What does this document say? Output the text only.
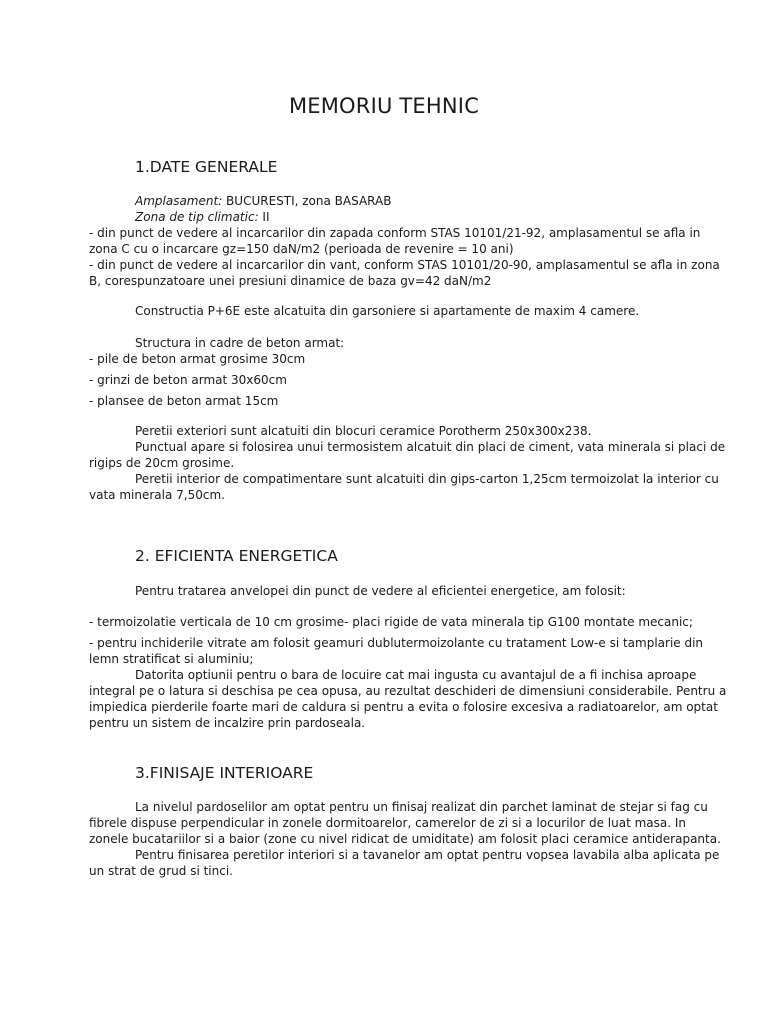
MEMORIU TEHNIC
1.DATE GENERALE
Amplasament: BUCURESTI, zona BASARAB
Zona de tip climatic: II
- din punct de vedere al incarcarilor din zapada conform STAS 10101/21-92, amplasamentul se afla in
zona C cu o incarcare gz=150 daN/m2 (perioada de revenire = 10 ani)
- din punct de vedere al incarcarilor din vant, conform STAS 10101/20-90, amplasamentul se afla in zona
B, corespunzatoare unei presiuni dinamice de baza gv=42 daN/m2
Constructia P+6E este alcatuita din garsoniere si apartamente de maxim 4 camere.
Structura in cadre de beton armat:
- pile de beton armat grosime 30cm
- grinzi de beton armat 30x60cm
- plansee de beton armat 15cm
Peretii exteriori sunt alcatuiti din blocuri ceramice Porotherm 250x300x238.
Punctual apare si folosirea unui termosistem alcatuit din placi de ciment, vata minerala si placi de
rigips de 20cm grosime.
Peretii interior de compatimentare sunt alcatuiti din gips-carton 1,25cm termoizolat la interior cu
vata minerala 7,50cm.
2. EFICIENTA ENERGETICA
Pentru tratarea anvelopei din punct de vedere al eficientei energetice, am folosit:
- termoizolatie verticala de 10 cm grosime- placi rigide de vata minerala tip G100 montate mecanic;
- pentru inchiderile vitrate am folosit geamuri dublutermoizolante cu tratament Low-e si tamplarie din
lemn stratificat si aluminiu;
Datorita optiunii pentru o bara de locuire cat mai ingusta cu avantajul de a fi inchisa aproape
integral pe o latura si deschisa pe cea opusa, au rezultat deschideri de dimensiuni considerabile. Pentru a
impiedica pierderile foarte mari de caldura si pentru a evita o folosire excesiva a radiatoarelor, am optat
pentru un sistem de incalzire prin pardoseala.
3.FINISAJE INTERIOARE
La nivelul pardoselilor am optat pentru un finisaj realizat din parchet laminat de stejar si fag cu
fibrele dispuse perpendicular in zonele dormitoarelor, camerelor de zi si a locurilor de luat masa. In
zonele bucatariilor si a baior (zone cu nivel ridicat de umiditate) am folosit placi ceramice antiderapanta.
Pentru finisarea peretilor interiori si a tavanelor am optat pentru vopsea lavabila alba aplicata pe
un strat de grud si tinci.
